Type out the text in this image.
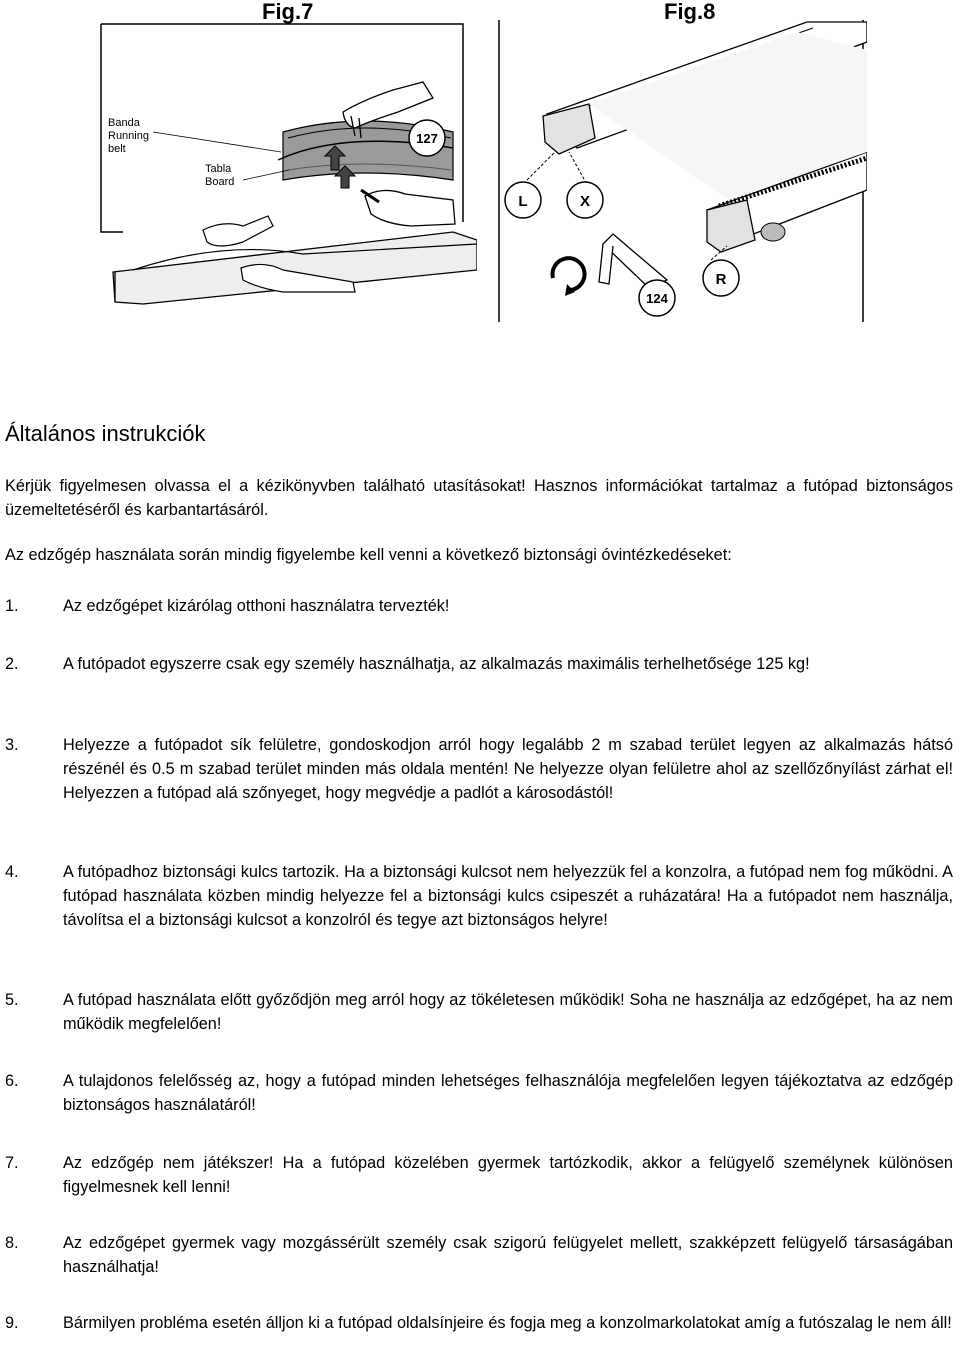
Fig.7	Fig.8
127
Banda
Running
belt
Tabla
Board
L	X
R
124
Általános instrukciók

Kérjük figyelmesen olvassa el a kézikönyvben található utasításokat! Hasznos információkat tartalmaz a futópad biztonságos üzemeltetéséről és karbantartásáról.

Az edzőgép használata során mindig figyelembe kell venni a következő biztonsági óvintézkedéseket:

1.	Az edzőgépet kizárólag otthoni használatra tervezték!
2.	A futópadot egyszerre csak egy személy használhatja, az alkalmazás maximális terhelhetősége 125 kg!
3.	Helyezze a futópadot sík felületre, gondoskodjon arról hogy legalább 2 m szabad terület legyen az alkalmazás hátsó részénél és 0.5 m szabad terület minden más oldala mentén! Ne helyezze olyan felületre ahol az szellőzőnyílást zárhat el! Helyezzen a futópad alá szőnyeget, hogy megvédje a padlót a károsodástól!
4.	A futópadhoz biztonsági kulcs tartozik. Ha a biztonsági kulcsot nem helyezzük fel a konzolra, a futópad nem fog működni. A futópad használata közben mindig helyezze fel a biztonsági kulcs csipeszét a ruházatára! Ha a futópadot nem használja, távolítsa el a biztonsági kulcsot a konzolról és tegye azt biztonságos helyre!
5.	A futópad használata előtt győződjön meg arról hogy az tökéletesen működik! Soha ne használja az edzőgépet, ha az nem működik megfelelően!
6.	A tulajdonos felelősség az, hogy a futópad minden lehetséges felhasználója megfelelően legyen tájékoztatva az edzőgép biztonságos használatáról!
7.	Az edzőgép nem játékszer! Ha a futópad közelében gyermek tartózkodik, akkor a felügyelő személynek különösen figyelmesnek kell lenni!
8.	Az edzőgépet gyermek vagy mozgássérült személy csak szigorú felügyelet mellett, szakképzett felügyelő társaságában használhatja!
9.	Bármilyen probléma esetén álljon ki a futópad oldalsínjeire és fogja meg a konzolmarkolatokat amíg a futószalag le nem áll!
